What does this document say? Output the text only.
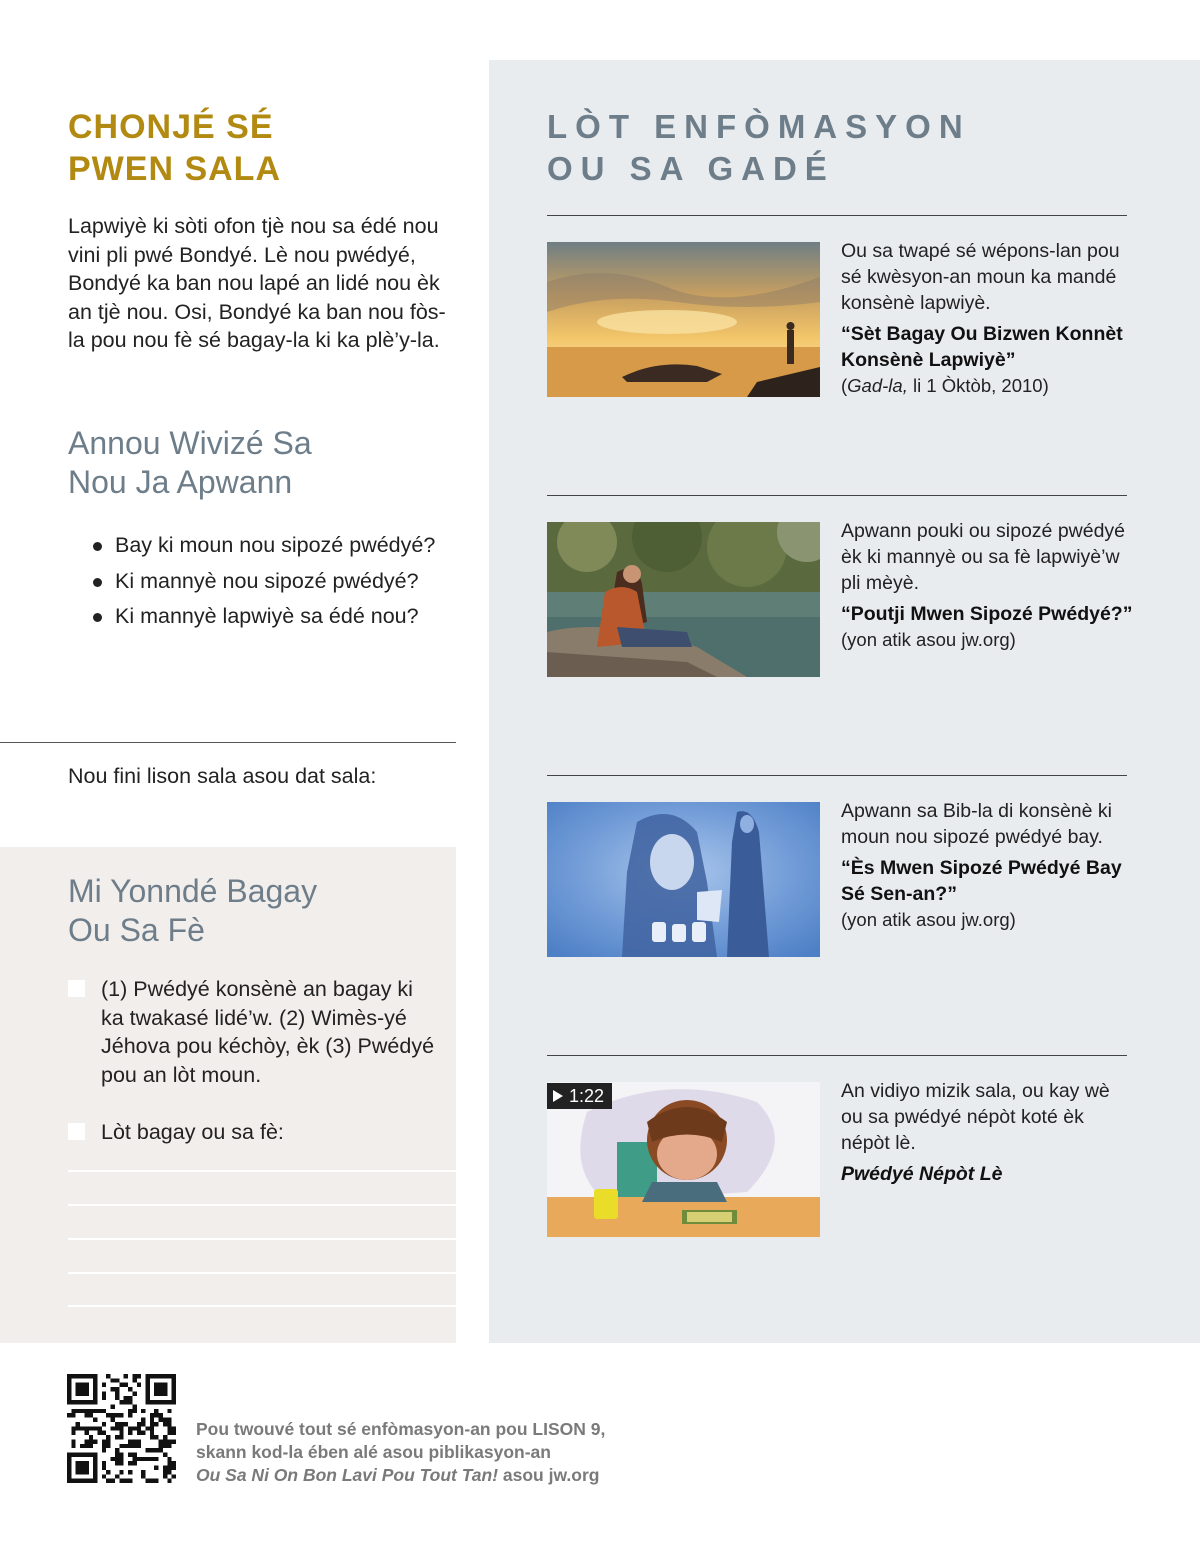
CHONJÉ SÉ
PWEN SALA

Lapwiyè ki sòti ofon tjè nou sa édé nou vini pli pwé Bondyé. Lè nou pwédyé, Bondyé ka ban nou lapé an lidé nou èk an tjè nou. Osi, Bondyé ka ban nou fòs-la pou nou fè sé bagay-la ki ka plè’y-la.

Annou Wivizé Sa
Nou Ja Apwann
Bay ki moun nou sipozé pwédyé?
Ki mannyè nou sipozé pwédyé?
Ki mannyè lapwiyè sa édé nou?

Nou fini lison sala asou dat sala:

Mi Yonndé Bagay
Ou Sa Fè
(1) Pwédyé konsènè an bagay ki ka twakasé lidé’w. (2) Wimès-yé Jéhova pou kéchòy, èk (3) Pwédyé pou an lòt moun.
Lòt bagay ou sa fè:
LÒT ENFÒMASYON
OU SA GADÉ

Ou sa twapé sé wépons-lan pou sé kwèsyon-an moun ka mandé konsènè lapwiyè.

“Sèt Bagay Ou Bizwen Konnèt Konsènè Lapwiyè”

(Gad-la, li 1 Òktòb, 2010)

Apwann pouki ou sipozé pwédyé èk ki mannyè ou sa fè lapwiyè’w pli mèyè.

“Poutji Mwen Sipozé Pwédyé?”

(yon atik asou jw.org)

Apwann sa Bib-la di konsènè ki moun nou sipozé pwédyé bay.

“Ès Mwen Sipozé Pwédyé Bay Sé Sen-an?”

(yon atik asou jw.org)

1:22	An vidiyo mizik sala, ou kay wè ou sa pwédyé népòt koté èk népòt lè.

Pwédyé Népòt Lè

Pou twouvé tout sé enfòmasyon-an pou LISON 9,
skann kod-la ében alé asou piblikasyon-an
Ou Sa Ni On Bon Lavi Pou Tout Tan! asou jw.org
